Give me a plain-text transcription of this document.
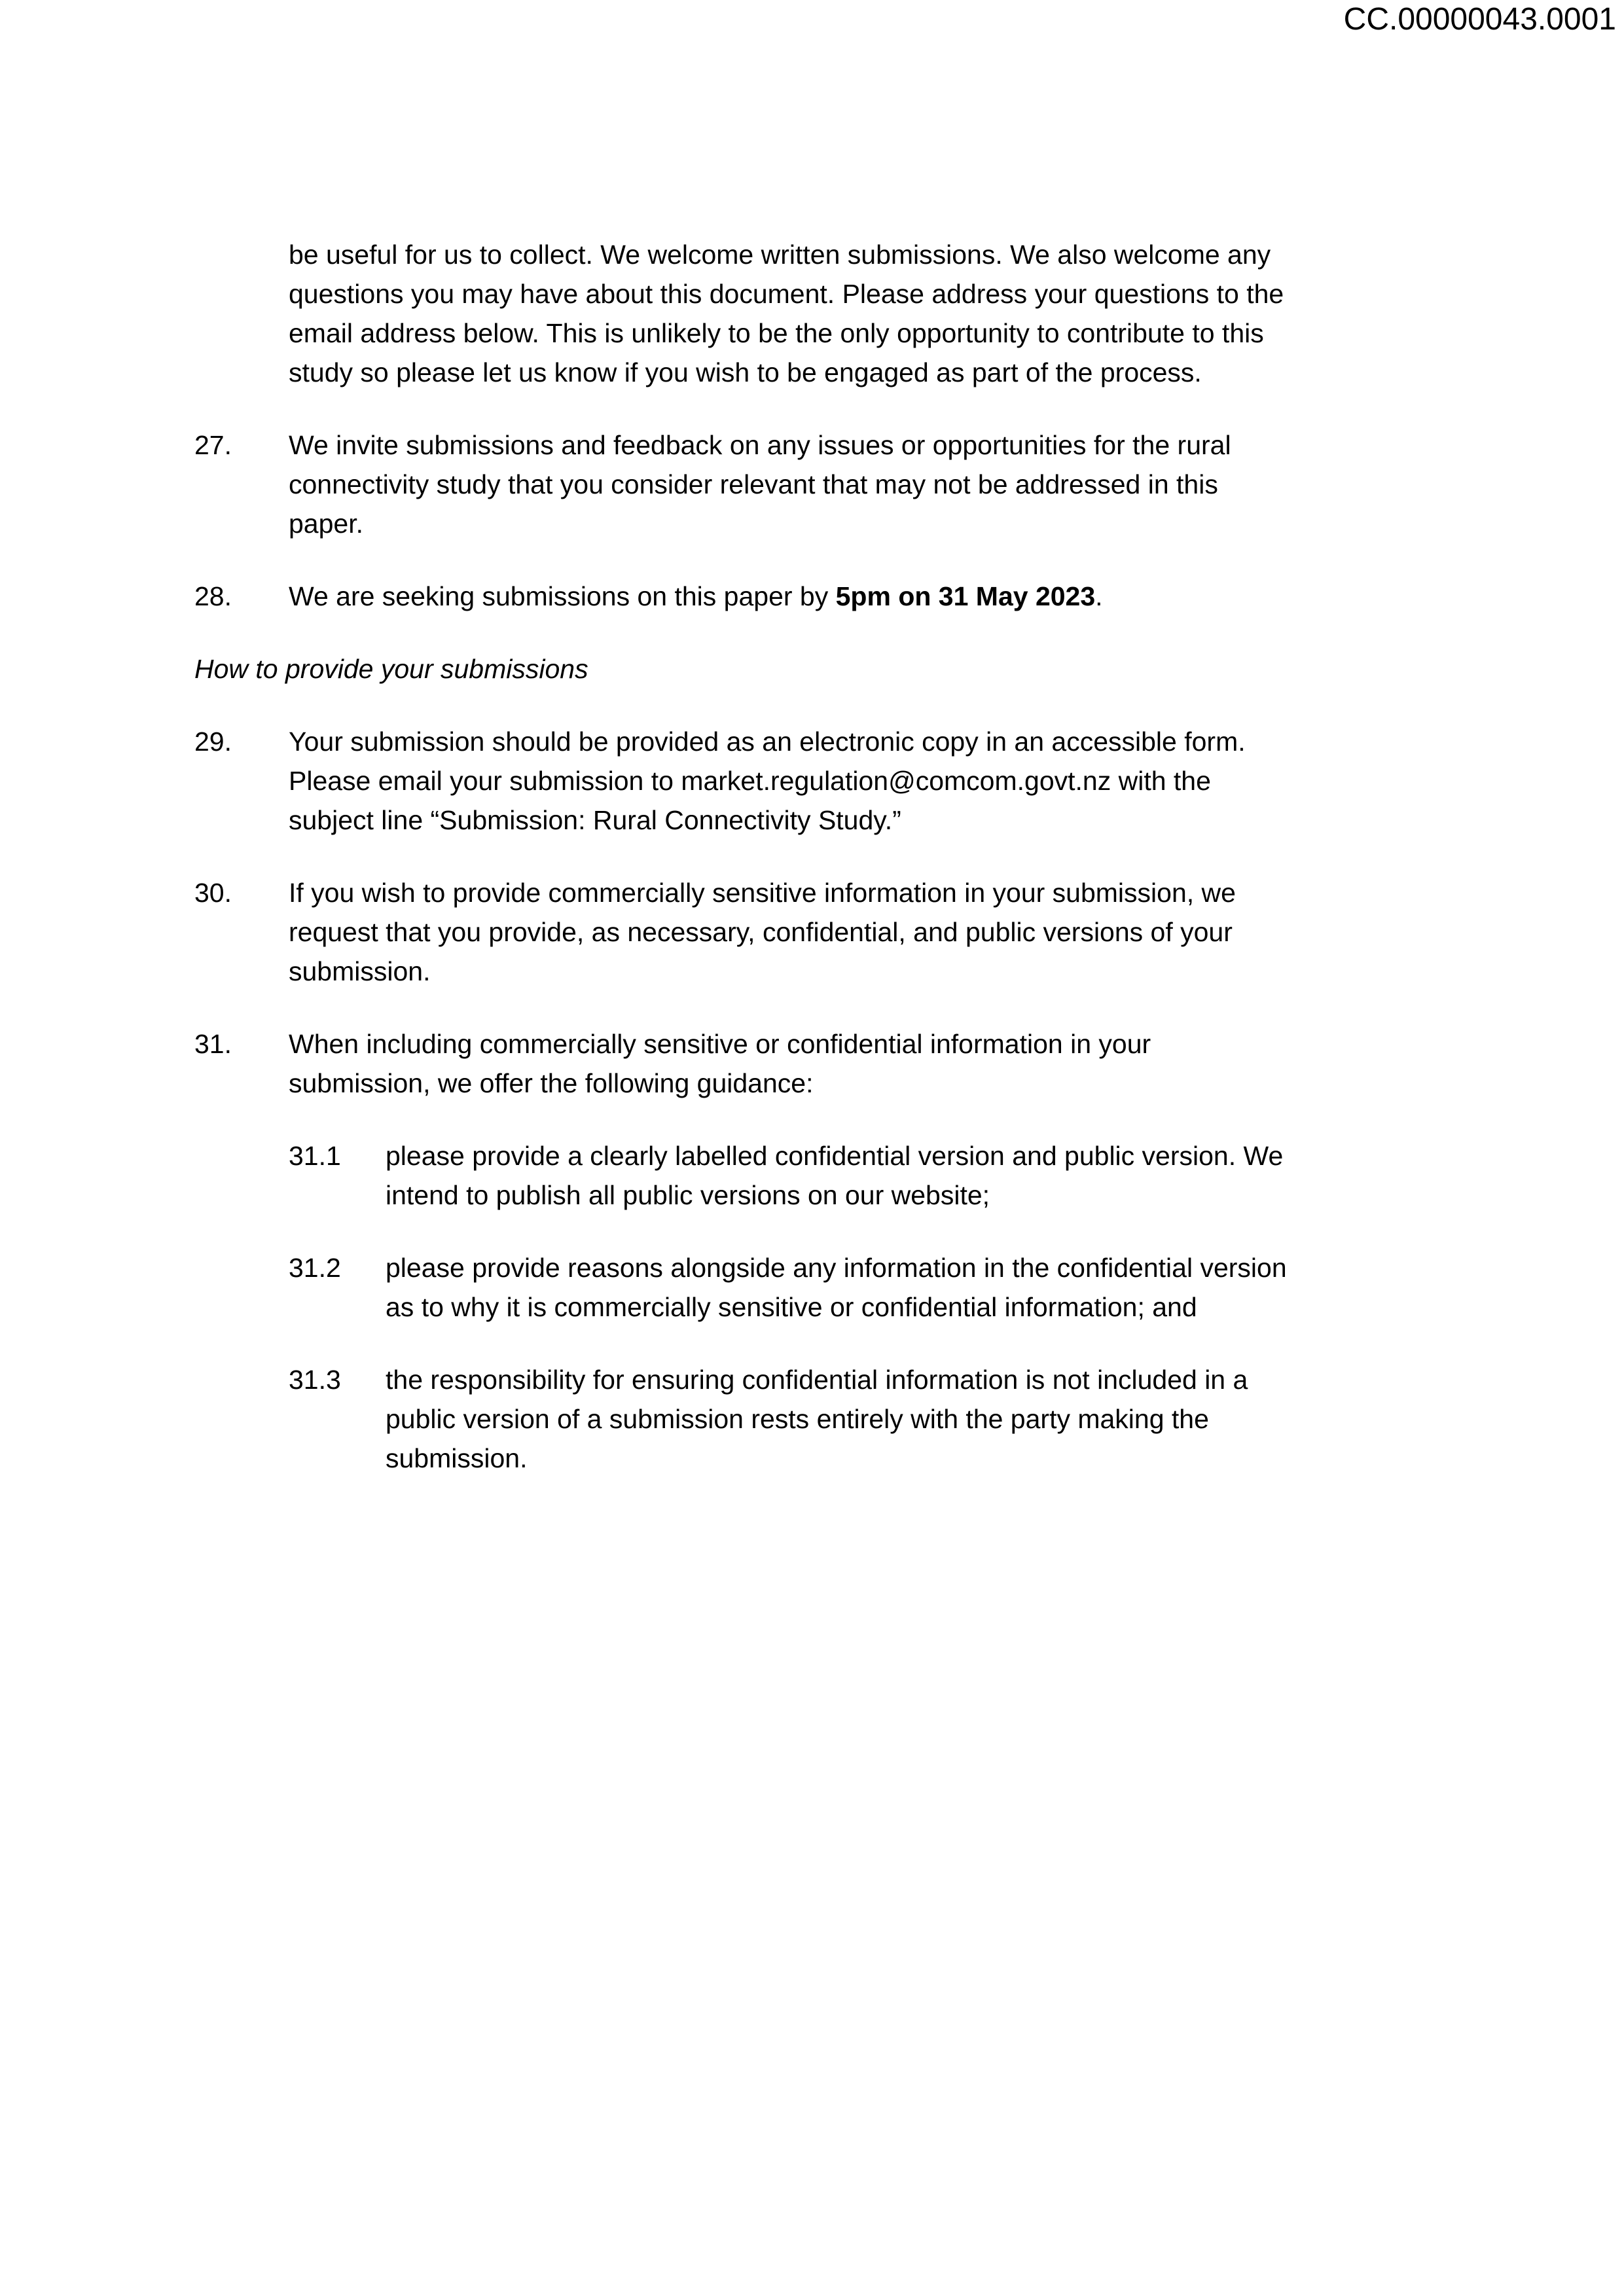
CC.00000043.0001
be useful for us to collect. We welcome written submissions. We also welcome any
questions you may have about this document. Please address your questions to the
email address below. This is unlikely to be the only opportunity to contribute to this
study so please let us know if you wish to be engaged as part of the process.
27. We invite submissions and feedback on any issues or opportunities for the rural
connectivity study that you consider relevant that may not be addressed in this
paper.
28. We are seeking submissions on this paper by 5pm on 31 May 2023.
How to provide your submissions
29. Your submission should be provided as an electronic copy in an accessible form.
Please email your submission to market.regulation@comcom.govt.nz with the
subject line “Submission: Rural Connectivity Study.”
30. If you wish to provide commercially sensitive information in your submission, we
request that you provide, as necessary, confidential, and public versions of your
submission.
31. When including commercially sensitive or confidential information in your
submission, we offer the following guidance:
31.1 please provide a clearly labelled confidential version and public version. We
intend to publish all public versions on our website;
31.2 please provide reasons alongside any information in the confidential version
as to why it is commercially sensitive or confidential information; and
31.3 the responsibility for ensuring confidential information is not included in a
public version of a submission rests entirely with the party making the
submission.
